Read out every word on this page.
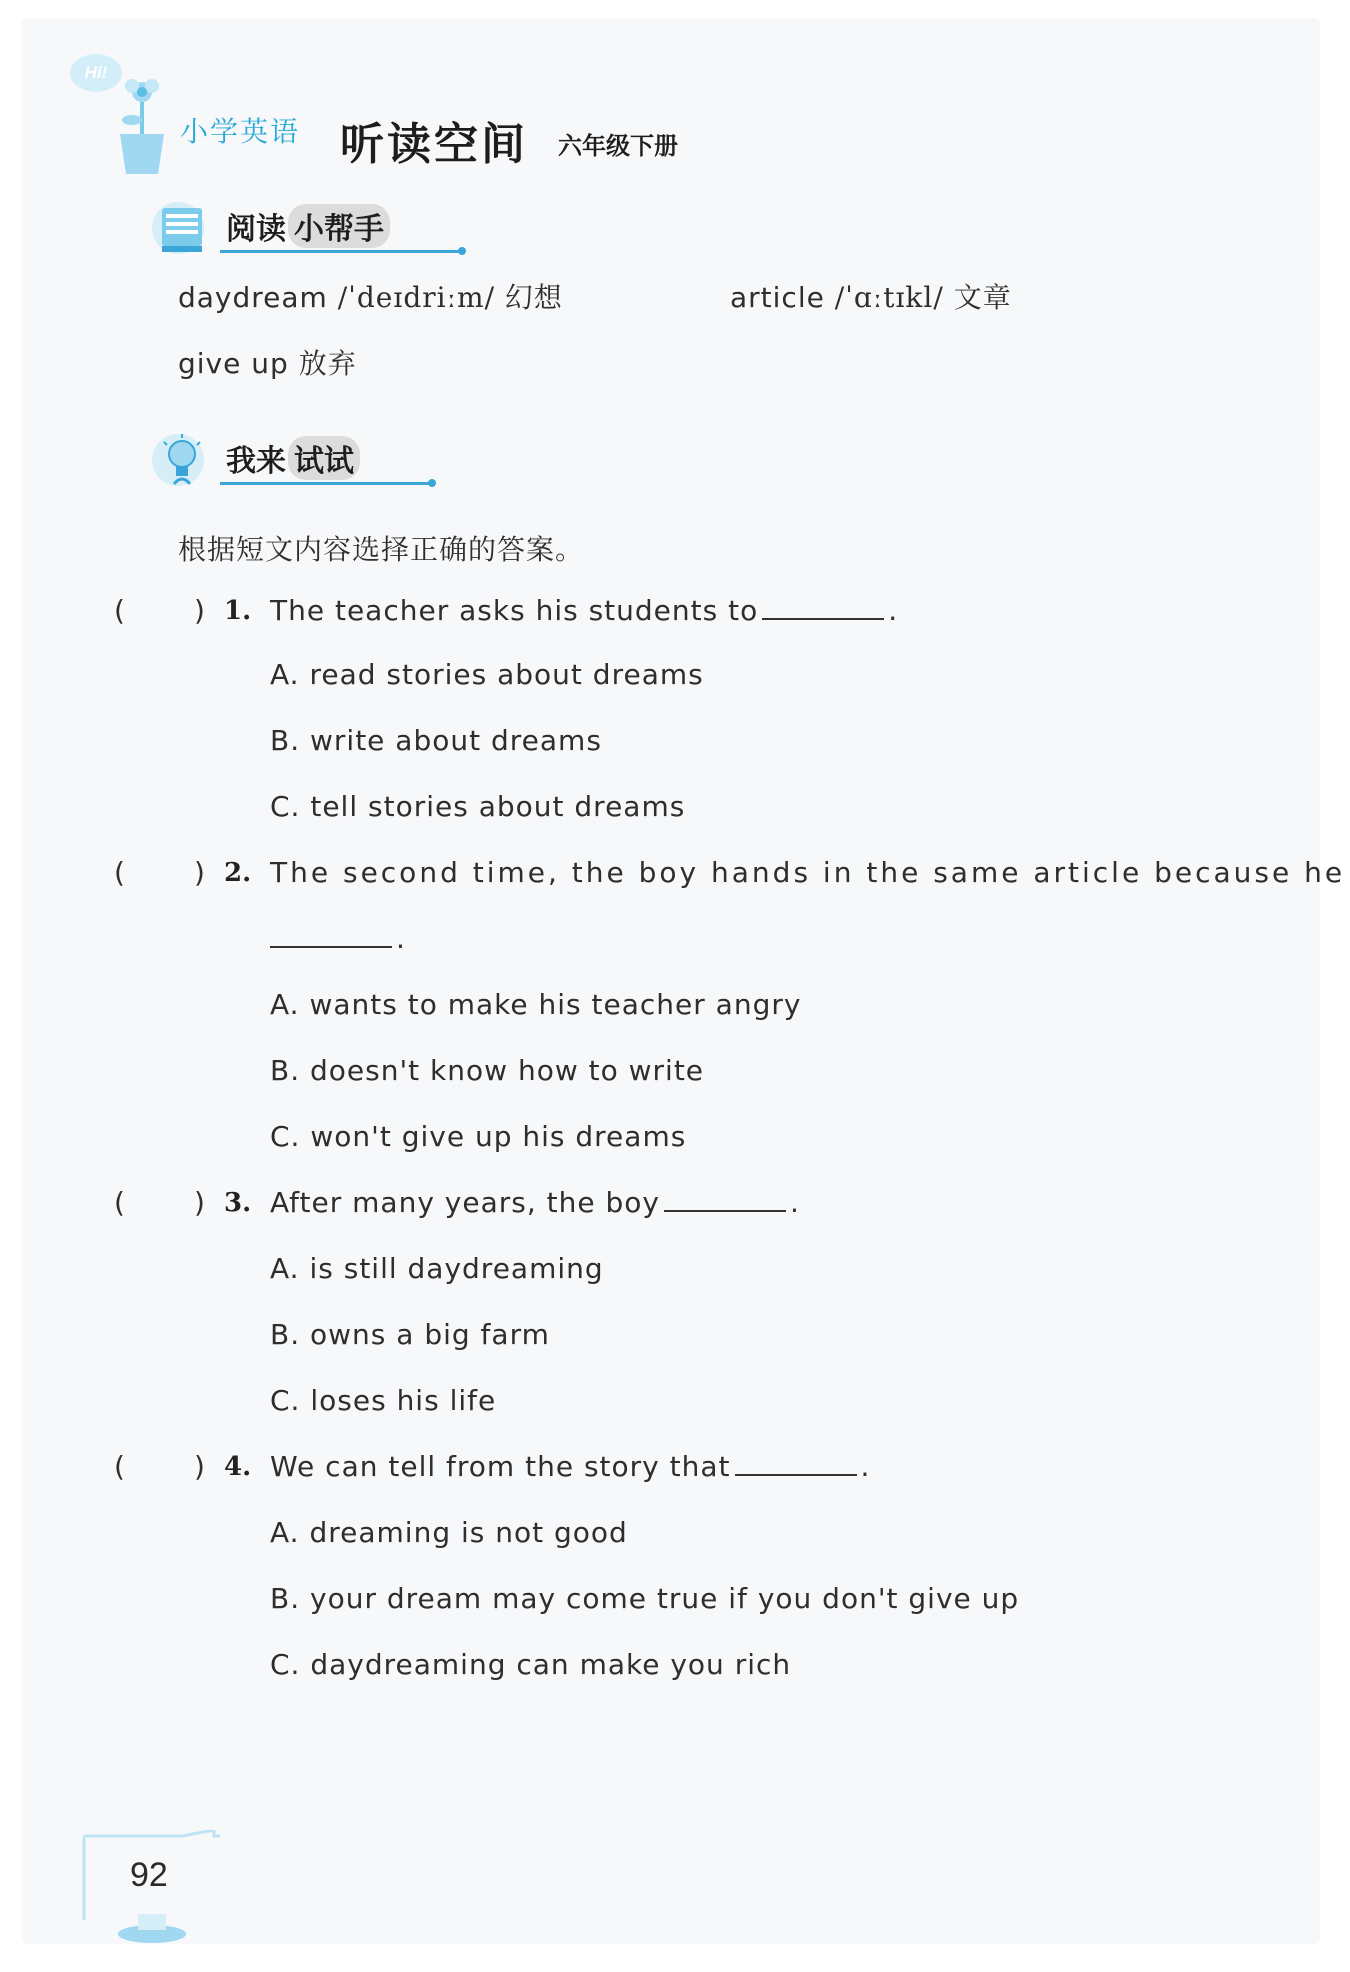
Hi!
小学英语 听读空间 六年级下册
阅读 小帮手
daydream /ˈdeɪdriːm/ 幻想	article /ˈɑːtɪkl/ 文章
give up 放弃
我来 试试
根据短文内容选择正确的答案。
( ) 1. The teacher asks his students to	.
A. read stories about dreams
B. write about dreams
C. tell stories about dreams
( ) 2. The second time, the boy hands in the same article because he
.
A. wants to make his teacher angry
B. doesn't know how to write
C. won't give up his dreams
( ) 3. After many years, the boy	.
A. is still daydreaming
B. owns a big farm
C. loses his life
( ) 4. We can tell from the story that	.
A. dreaming is not good
B. your dream may come true if you don't give up
C. daydreaming can make you rich
92
